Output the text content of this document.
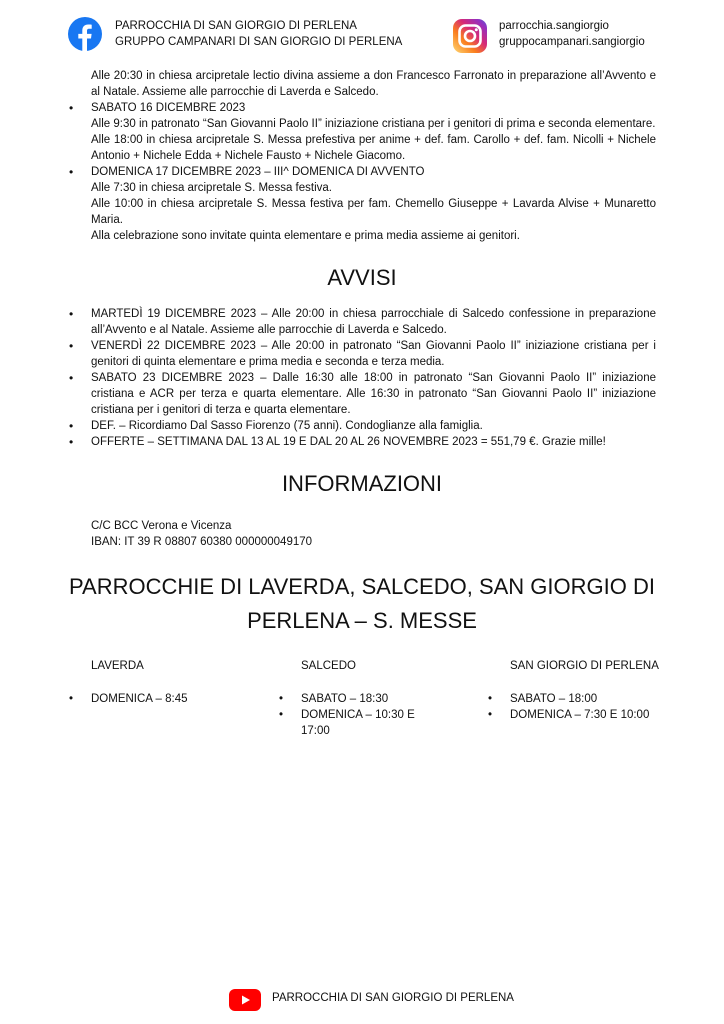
PARROCCHIA DI SAN GIORGIO DI PERLENA
GRUPPO CAMPANARI DI SAN GIORGIO DI PERLENA
parrocchia.sangiorgio
gruppocampanari.sangiorgio
Alle 20:30 in chiesa arcipretale lectio divina assieme a don Francesco Farronato in preparazione all’Avvento e al Natale. Assieme alle parrocchie di Laverda e Salcedo.
• SABATO 16 DICEMBRE 2023
Alle 9:30 in patronato “San Giovanni Paolo II” iniziazione cristiana per i genitori di prima e seconda elementare.
Alle 18:00 in chiesa arcipretale S. Messa prefestiva per anime + def. fam. Carollo + def. fam. Nicolli + Nichele Antonio + Nichele Edda + Nichele Fausto + Nichele Giacomo.
• DOMENICA 17 DICEMBRE 2023 – III^ DOMENICA DI AVVENTO
Alle 7:30 in chiesa arcipretale S. Messa festiva.
Alle 10:00 in chiesa arcipretale S. Messa festiva per fam. Chemello Giuseppe + Lavarda Alvise + Munaretto Maria.
Alla celebrazione sono invitate quinta elementare e prima media assieme ai genitori.
AVVISI
• MARTEDÌ 19 DICEMBRE 2023 – Alle 20:00 in chiesa parrocchiale di Salcedo confessione in preparazione all’Avvento e al Natale. Assieme alle parrocchie di Laverda e Salcedo.
• VENERDÌ 22 DICEMBRE 2023 – Alle 20:00 in patronato “San Giovanni Paolo II” iniziazione cristiana per i genitori di quinta elementare e prima media e seconda e terza media.
• SABATO 23 DICEMBRE 2023 – Dalle 16:30 alle 18:00 in patronato “San Giovanni Paolo II” iniziazione cristiana e ACR per terza e quarta elementare. Alle 16:30 in patronato “San Giovanni Paolo II” iniziazione cristiana per i genitori di terza e quarta elementare.
• DEF. – Ricordiamo Dal Sasso Fiorenzo (75 anni). Condoglianze alla famiglia.
• OFFERTE – SETTIMANA DAL 13 AL 19 E DAL 20 AL 26 NOVEMBRE 2023 = 551,79 €. Grazie mille!
INFORMAZIONI
C/C BCC Verona e Vicenza
IBAN: IT 39 R 08807 60380 000000049170
PARROCCHIE DI LAVERDA, SALCEDO, SAN GIORGIO DI PERLENA – S. MESSE
LAVERDA
• DOMENICA – 8:45
SALCEDO
• SABATO – 18:30
• DOMENICA – 10:30 E 17:00
SAN GIORGIO DI PERLENA
• SABATO – 18:00
• DOMENICA – 7:30 E 10:00
PARROCCHIA DI SAN GIORGIO DI PERLENA
